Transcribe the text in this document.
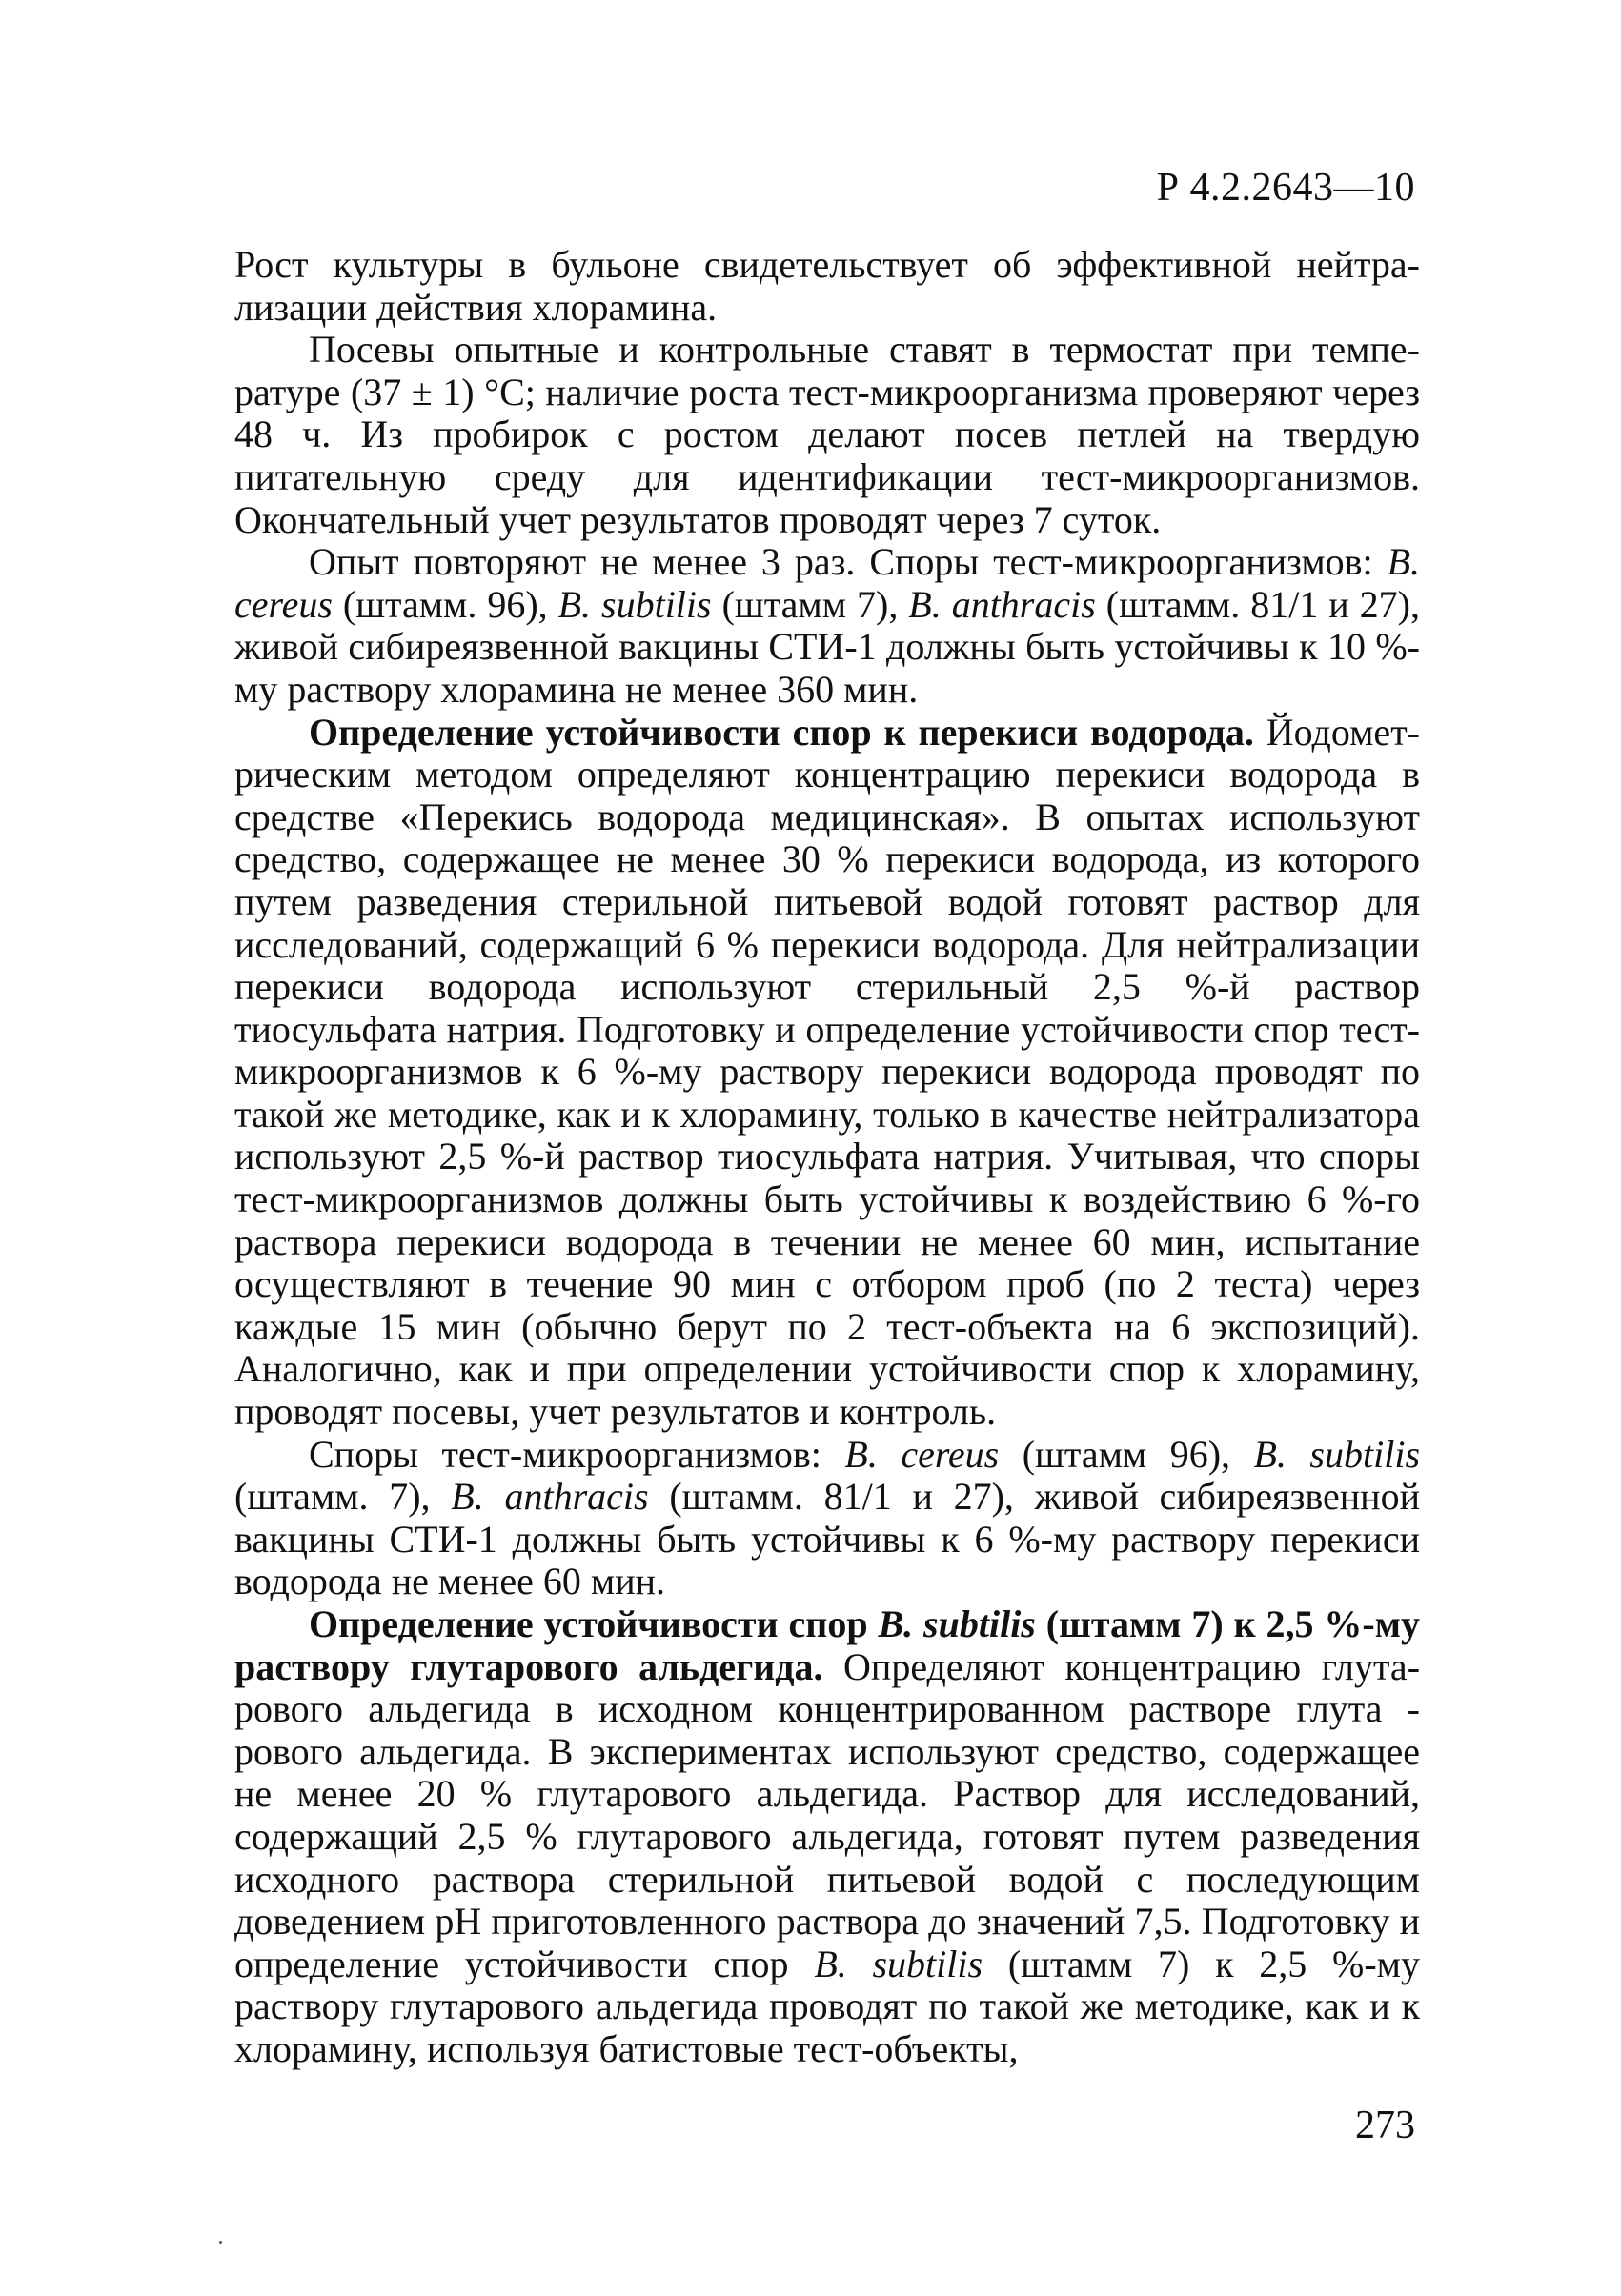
Р 4.2.2643—10

Рост культуры в бульоне свидетельствует об эффективной нейтрализации действия хлорамина.

Посевы опытные и контрольные ставят в термостат при температуре (37 ± 1) °С; наличие роста тест-микроорганизма проверяют через 48 ч. Из пробирок с ростом делают посев петлей на твердую питательную среду для идентификации тест-микроорганизмов. Окончательный учет результатов проводят через 7 суток.

Опыт повторяют не менее 3 раз. Споры тест-микроорганизмов: B. cereus (штамм. 96), B. subtilis (штамм 7), B. anthracis (штамм. 81/1 и 27), живой сибиреязвенной вакцины СТИ-1 должны быть устойчивы к 10 %-му раствору хлорамина не менее 360 мин.

Определение устойчивости спор к перекиси водорода. Йодометрическим методом определяют концентрацию перекиси водорода в средстве «Перекись водорода медицинская». В опытах используют средство, содержащее не менее 30 % перекиси водорода, из которого путем разведения стерильной питьевой водой готовят раствор для исследований, содержащий 6 % перекиси водорода. Для нейтрализации перекиси водорода используют стерильный 2,5 %-й раствор тиосульфата натрия. Подготовку и определение устойчивости спор тест-микроорганизмов к 6 %-му раствору перекиси водорода проводят по такой же методике, как и к хлорамину, только в качестве нейтрализатора используют 2,5 %-й раствор тиосульфата натрия. Учитывая, что споры тест-микроорганизмов должны быть устойчивы к воздействию 6 %-го раствора перекиси водорода в течении не менее 60 мин, испытание осуществляют в течение 90 мин с отбором проб (по 2 теста) через каждые 15 мин (обычно берут по 2 тест-объекта на 6 экспозиций). Аналогично, как и при определении устойчивости спор к хлорамину, проводят посевы, учет результатов и контроль.

Споры тест-микроорганизмов: B. cereus (штамм 96), B. subtilis (штамм. 7), B. anthracis (штамм. 81/1 и 27), живой сибиреязвенной вакцины СТИ-1 должны быть устойчивы к 6 %-му раствору перекиси водорода не менее 60 мин.

Определение устойчивости спор B. subtilis (штамм 7) к 2,5 %-му раствору глутарового альдегида. Определяют концентрацию глутарового альдегида в исходном концентрированном растворе глута - рового альдегида. В экспериментах используют средство, содержащее не менее 20 % глутарового альдегида. Раствор для исследований, содержащий 2,5 % глутарового альдегида, готовят путем разведения исходного раствора стерильной питьевой водой с последующим доведением рН приготовленного раствора до значений 7,5. Подготовку и определение устойчивости спор B. subtilis (штамм 7) к 2,5 %-му раствору глутарового альдегида проводят по такой же методике, как и к хлорамину, используя батистовые тест-объекты,

273
